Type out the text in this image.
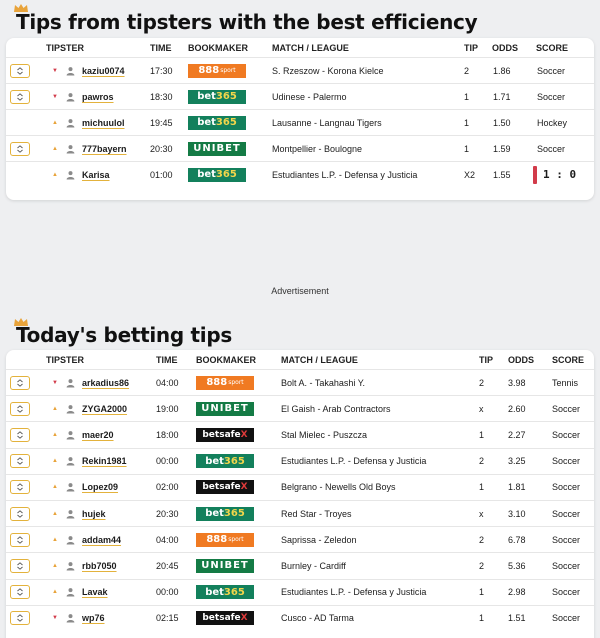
Tips from tipsters with the best efficiency
TIPSTER	TIME BOOKMAKER	MATCH / LEAGUE	TIP ODDS SCORE
▼	kaziu0074	17:30	888 sport	S. Rzeszow - Korona Kielce	2	1.86	Soccer
▼	pawros	18:30 bet 365	Udinese - Palermo	1	1.71	Soccer
▲	michuulol	19:45 bet 365	Lausanne - Langnau Tigers	1	1.50	Hockey
▲	777bayern	20:30 UNIBET	Montpellier - Boulogne	1	1.59	Soccer
▲	Karisa	01:00 bet 365	Estudiantes L.P. - Defensa y Justicia	X2 1.55	1 : 0
Advertisement
Today's betting tips
TIPSTER	TIME BOOKMAKER	MATCH / LEAGUE	TIP ODDS SCORE
▼	arkadius86	04:00	888 sport	Bolt A. - Takahashi Y.	2	3.98	Tennis
▲	ZYGA2000	19:00 UNIBET	El Gaish - Arab Contractors	x	2.60	Soccer
▲	maer20	18:00	betsafe X	Stal Mielec - Puszcza	1	2.27	Soccer
▲	Rekin1981	00:00	bet 365	Estudiantes L.P. - Defensa y Justicia	2	3.25	Soccer
▲	Lopez09	02:00	betsafe X	Belgrano - Newells Old Boys	1	1.81	Soccer
▲	hujek	20:30	bet 365	Red Star - Troyes	x	3.10	Soccer
▲	addam44	04:00	888 sport	Saprissa - Zeledon	2	6.78	Soccer
▲	rbb7050	20:45 UNIBET	Burnley - Cardiff	2	5.36	Soccer
▲	Lavak	00:00	bet 365	Estudiantes L.P. - Defensa y Justicia	1	2.98	Soccer
▼	wp76	02:15	betsafe X	Cusco - AD Tarma	1	1.51	Soccer
